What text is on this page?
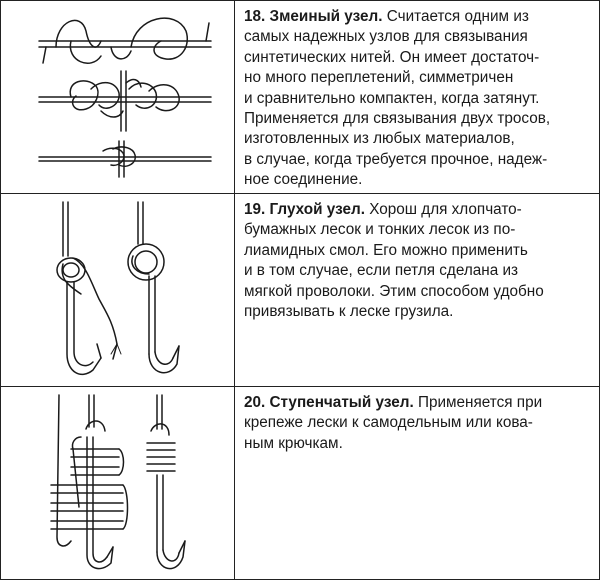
18. Змеиный узел. Считается одним из
самых надежных узлов для связывания
синтетических нитей. Он имеет достаточ-
но много переплетений, симметричен
и сравнительно компактен, когда затянут.
Применяется для связывания двух тросов,
изготовленных из любых материалов,
в случае, когда требуется прочное, надеж-
ное соединение.
19. Глухой узел. Хорош для хлопчато-
бумажных лесок и тонких лесок из по-
лиамидных смол. Его можно применить
и в том случае, если петля сделана из
мягкой проволоки. Этим способом удобно
привязывать к леске грузила.
20. Ступенчатый узел. Применяется при
крепеже лески к самодельным или кова-
ным крючкам.
